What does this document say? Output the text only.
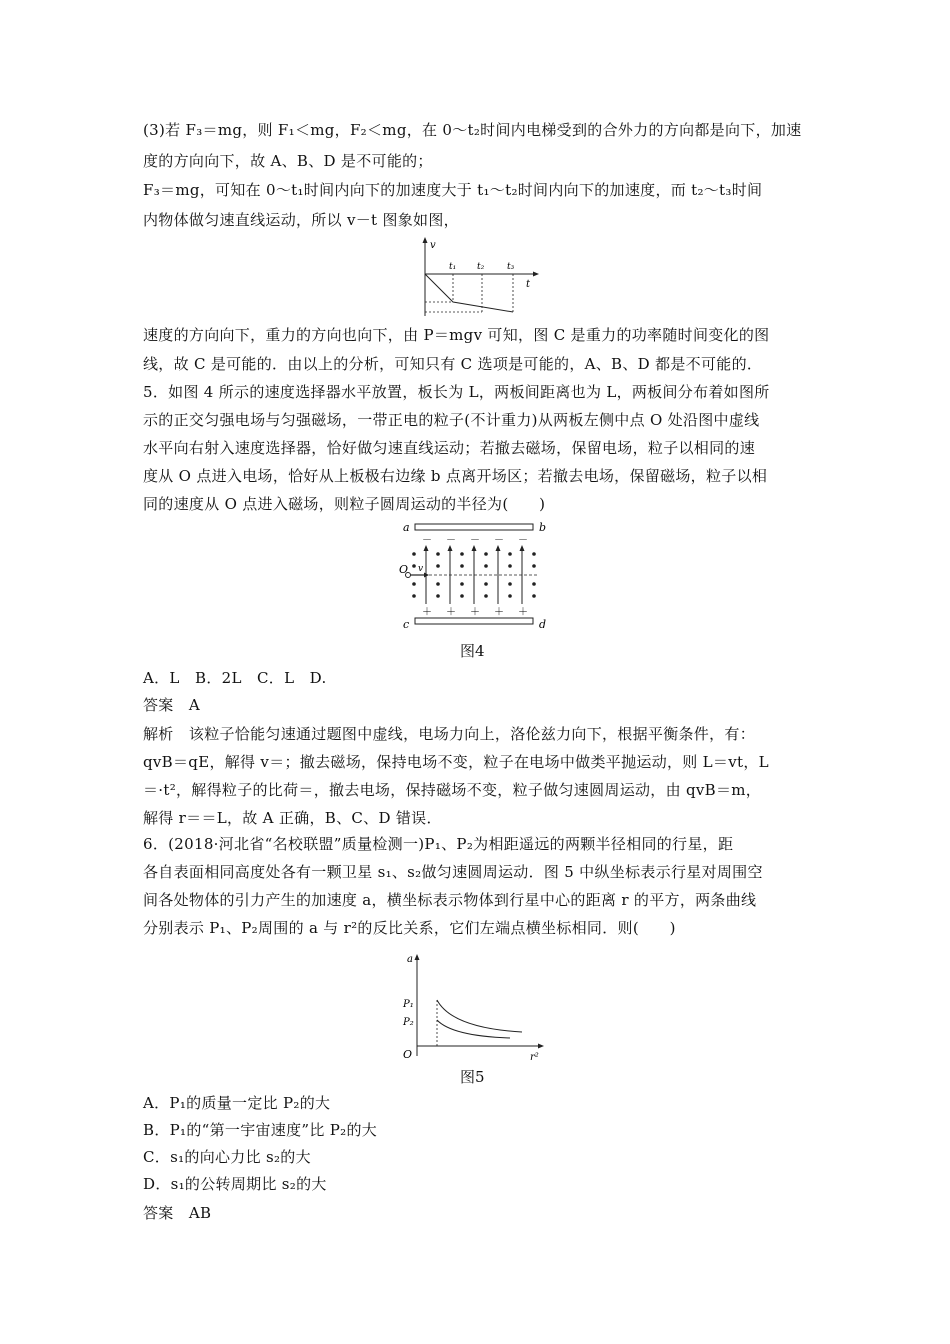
(3)若 F₃＝mg，则 F₁＜mg，F₂＜mg，在 0～t₂时间内电梯受到的合外力的方向都是向下，加速
度的方向向下，故 A、B、D 是不可能的；
F₃＝mg，可知在 0～t₁时间内向下的加速度大于 t₁～t₂时间内向下的加速度，而 t₂～t₃时间
内物体做匀速直线运动，所以 v－t 图象如图，
v
t
t₁ t₂	t₃
速度的方向向下，重力的方向也向下，由 P＝mgv 可知，图 C 是重力的功率随时间变化的图
线，故 C 是可能的．由以上的分析，可知只有 C 选项是可能的，A、B、D 都是不可能的．
5．如图 4 所示的速度选择器水平放置，板长为 L，两板间距离也为 L，两板间分布着如图所
示的正交匀强电场与匀强磁场，一带正电的粒子(不计重力)从两板左侧中点 O 处沿图中虚线
水平向右射入速度选择器，恰好做匀速直线运动；若撤去磁场，保留电场，粒子以相同的速
度从 O 点进入电场，恰好从上板极右边缘 b 点离开场区；若撤去电场，保留磁场，粒子以相
同的速度从 O 点进入磁场，则粒子圆周运动的半径为(　　)
a	b
c	d
－ － － － －
＋ ＋ ＋ ＋ ＋
O v
图4
A．L　B．2L　C．L　D.
答案　A
解析　该粒子恰能匀速通过题图中虚线，电场力向上，洛伦兹力向下，根据平衡条件，有：
qvB＝qE，解得 v＝；撤去磁场，保持电场不变，粒子在电场中做类平抛运动，则 L＝vt，L
＝·t²，解得粒子的比荷＝，撤去电场，保持磁场不变，粒子做匀速圆周运动，由 qvB＝m，
解得 r＝＝L，故 A 正确，B、C、D 错误．
6．(2018·河北省“名校联盟”质量检测一)P₁、P₂为相距遥远的两颗半径相同的行星，距
各自表面相同高度处各有一颗卫星 s₁、s₂做匀速圆周运动．图 5 中纵坐标表示行星对周围空
间各处物体的引力产生的加速度 a，横坐标表示物体到行星中心的距离 r 的平方，两条曲线
分别表示 P₁、P₂周围的 a 与 r²的反比关系，它们左端点横坐标相同．则(　　)
a
r²
O
P₁
P₂
图5
A．P₁的质量一定比 P₂的大
B．P₁的“第一宇宙速度”比 P₂的大
C．s₁的向心力比 s₂的大
D．s₁的公转周期比 s₂的大
答案　AB
